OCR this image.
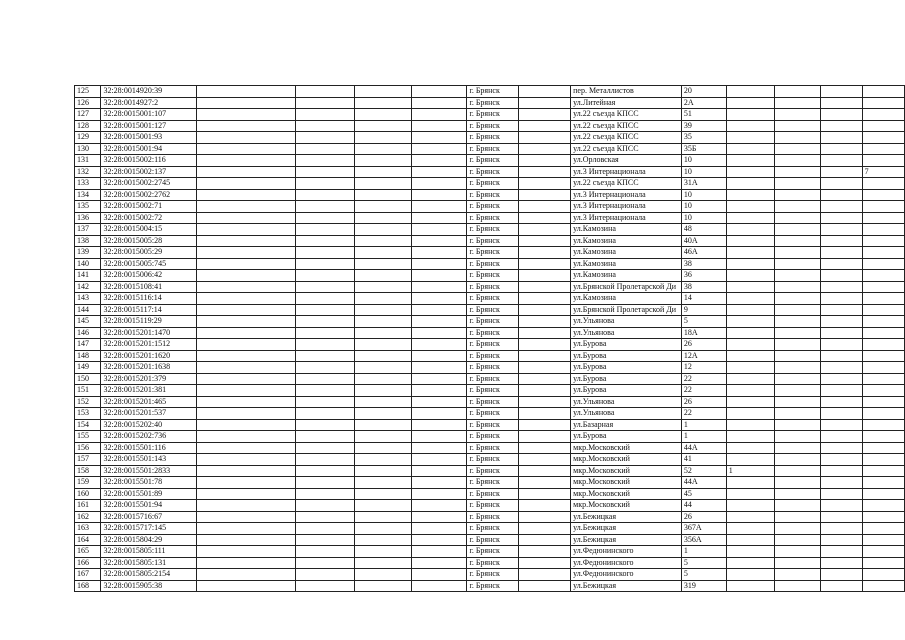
125	32:28:0014920:39					г. Брянск		пер. Металлистов	20				
126	32:28:0014927:2					г. Брянск		ул.Литейная	2А				
127	32:28:0015001:107					г. Брянск		ул.22 съезда КПСС	51				
128	32:28:0015001:127					г. Брянск		ул.22 съезда КПСС	39				
129	32:28:0015001:93					г. Брянск		ул.22 съезда КПСС	35				
130	32:28:0015001:94					г. Брянск		ул.22 съезда КПСС	35Б				
131	32:28:0015002:116					г. Брянск		ул.Орловская	10				
132	32:28:0015002:137					г. Брянск		ул.3 Интернационала	10				7
133	32:28:0015002:2745					г. Брянск		ул.22 съезда КПСС	31А				
134	32:28:0015002:2762					г. Брянск		ул.3 Интернационала	10				
135	32:28:0015002:71					г. Брянск		ул.3 Интернационала	10				
136	32:28:0015002:72					г. Брянск		ул.3 Интернационала	10				
137	32:28:0015004:15					г. Брянск		ул.Камозина	48				
138	32:28:0015005:28					г. Брянск		ул.Камозина	40А				
139	32:28:0015005:29					г. Брянск		ул.Камозина	46А				
140	32:28:0015005:745					г. Брянск		ул.Камозина	38				
141	32:28:0015006:42					г. Брянск		ул.Камозина	36				
142	32:28:0015108:41					г. Брянск		ул.Брянской Пролетарской Ди	38				
143	32:28:0015116:14					г. Брянск		ул.Камозина	14				
144	32:28:0015117:14					г. Брянск		ул.Брянской Пролетарской Ди	9				
145	32:28:0015119:29					г. Брянск		ул.Ульянова	5				
146	32:28:0015201:1470					г. Брянск		ул.Ульянова	18А				
147	32:28:0015201:1512					г. Брянск		ул.Бурова	26				
148	32:28:0015201:1620					г. Брянск		ул.Бурова	12А				
149	32:28:0015201:1638					г. Брянск		ул.Бурова	12				
150	32:28:0015201:379					г. Брянск		ул.Бурова	22				
151	32:28:0015201:381					г. Брянск		ул.Бурова	22				
152	32:28:0015201:465					г. Брянск		ул.Ульянова	26				
153	32:28:0015201:537					г. Брянск		ул.Ульянова	22				
154	32:28:0015202:40					г. Брянск		ул.Базарная	1				
155	32:28:0015202:736					г. Брянск		ул.Бурова	1				
156	32:28:0015501:116					г. Брянск		мкр.Московский	44А				
157	32:28:0015501:143					г. Брянск		мкр.Московский	41				
158	32:28:0015501:2833					г. Брянск		мкр.Московский	52	1			
159	32:28:0015501:78					г. Брянск		мкр.Московский	44А				
160	32:28:0015501:89					г. Брянск		мкр.Московский	45				
161	32:28:0015501:94					г. Брянск		мкр.Московский	44				
162	32:28:0015716:67					г. Брянск		ул.Бежицкая	26				
163	32:28:0015717:145					г. Брянск		ул.Бежицкая	367А				
164	32:28:0015804:29					г. Брянск		ул.Бежицкая	356А				
165	32:28:0015805:111					г. Брянск		ул.Федюнинского	1				
166	32:28:0015805:131					г. Брянск		ул.Федюнинского	5				
167	32:28:0015805:2154					г. Брянск		ул.Федюнинского	5				
168	32:28:0015905:38					г. Брянск		ул.Бежицкая	319				
